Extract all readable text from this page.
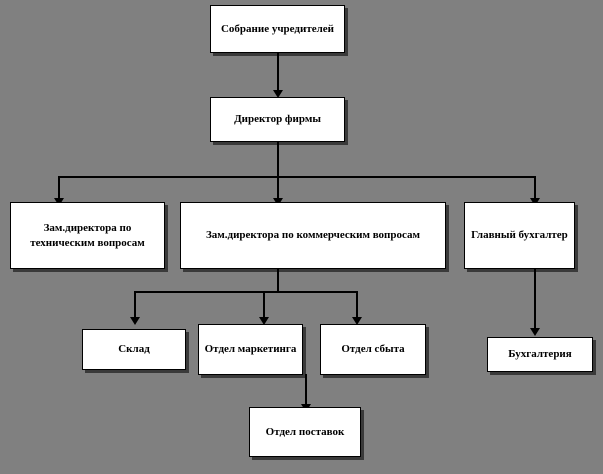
Собрание учредителей
Директор фирмы
Зам.директора по техническим вопросам
Зам.директора по коммерческим вопросам	Главный бухгалтер
Склад	Отдел маркетинга	Отдел сбыта	Бухгалтерия
Отдел поставок
